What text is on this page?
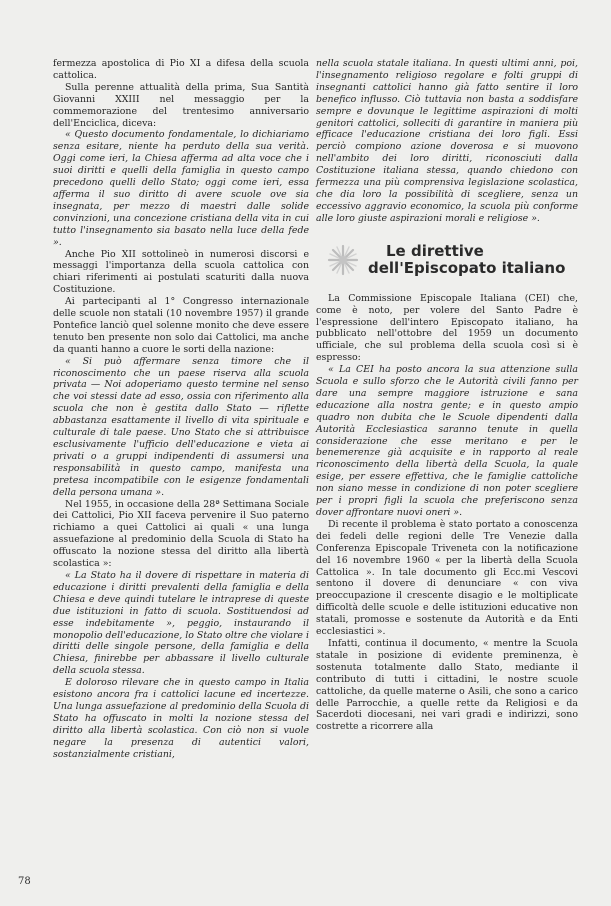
fermezza apostolica di Pio XI a difesa della scuola cattolica.

Sulla perenne attualità della prima, Sua Santità Giovanni XXIII nel messaggio per la commemorazione del trentesimo anniversario dell'Enciclica, diceva:

« Questo documento fondamentale, lo dichiariamo senza esitare, niente ha perduto della sua verità. Oggi come ieri, la Chiesa afferma ad alta voce che i suoi diritti e quelli della famiglia in questo campo precedono quelli dello Stato; oggi come ieri, essa afferma il suo diritto di avere scuole ove sia insegnata, per mezzo di maestri dalle solide convinzioni, una concezione cristiana della vita in cui tutto l'insegnamento sia basato nella luce della fede ».

Anche Pio XII sottolineò in numerosi discorsi e messaggi l'importanza della scuola cattolica con chiari riferimenti ai postulati scaturiti dalla nuova Costituzione.

Ai partecipanti al 1° Congresso internazionale delle scuole non statali (10 novembre 1957) il grande Pontefice lanciò quel solenne monito che deve essere tenuto ben presente non solo dai Cattolici, ma anche da quanti hanno a cuore le sorti della nazione:

« Si può affermare senza timore che il riconoscimento che un paese riserva alla scuola privata — Noi adoperiamo questo termine nel senso che voi stessi date ad esso, ossia con riferimento alla scuola che non è gestita dallo Stato — riflette abbastanza esattamente il livello di vita spirituale e culturale di tale paese. Uno Stato che si attribuisce esclusivamente l'ufficio dell'educazione e vieta ai privati o a gruppi indipendenti di assumersi una responsabilità in questo campo, manifesta una pretesa incompatibile con le esigenze fondamentali della persona umana ».

Nel 1955, in occasione della 28ª Settimana Sociale dei Cattolici, Pio XII faceva pervenire il Suo paterno richiamo a quei Cattolici ai quali « una lunga assuefazione al predominio della Scuola di Stato ha offuscato la nozione stessa del diritto alla libertà scolastica »:

« La Stato ha il dovere di rispettare in materia di educazione i diritti prevalenti della famiglia e della Chiesa e deve quindi tutelare le intraprese di queste due istituzioni in fatto di scuola. Sostituendosi ad esse indebitamente », peggio, instaurando il monopolio dell'educazione, lo Stato oltre che violare i diritti delle singole persone, della famiglia e della Chiesa, finirebbe per abbassare il livello culturale della scuola stessa.

E doloroso rilevare che in questo campo in Italia esistono ancora fra i cattolici lacune ed incertezze. Una lunga assuefazione al predominio della Scuola di Stato ha offuscato in molti la nozione stessa del diritto alla libertà scolastica. Con ciò non si vuole negare la presenza di autentici valori, sostanzialmente cristiani,

nella scuola statale italiana. In questi ultimi anni, poi, l'insegnamento religioso regolare e folti gruppi di insegnanti cattolici hanno già fatto sentire il loro benefico influsso. Ciò tuttavia non basta a soddisfare sempre e dovunque le legittime aspirazioni di molti genitori cattolici, solleciti di garantire in maniera più efficace l'educazione cristiana dei loro figli. Essi perciò compiono azione doverosa e si muovono nell'ambito dei loro diritti, riconosciuti dalla Costituzione italiana stessa, quando chiedono con fermezza una più comprensiva legislazione scolastica, che dia loro la possibilità di scegliere, senza un eccessivo aggravio economico, la scuola più conforme alle loro giuste aspirazioni morali e religiose ».

Le direttive
dell'Episcopato italiano

La Commissione Episcopale Italiana (CEI) che, come è noto, per volere del Santo Padre è l'espressione dell'intero Episcopato italiano, ha pubblicato nell'ottobre del 1959 un documento ufficiale, che sul problema della scuola così si è espresso:

« La CEI ha posto ancora la sua attenzione sulla Scuola e sullo sforzo che le Autorità civili fanno per dare una sempre maggiore istruzione e sana educazione alla nostra gente; e in questo ampio quadro non dubita che le Scuole dipendenti dalla Autorità Ecclesiastica saranno tenute in quella considerazione che esse meritano e per le benemerenze già acquisite e in rapporto al reale riconoscimento della libertà della Scuola, la quale esige, per essere effettiva, che le famiglie cattoliche non siano messe in condizione di non poter scegliere per i propri figli la scuola che preferiscono senza dover affrontare nuovi oneri ».

Di recente il problema è stato portato a conoscenza dei fedeli delle regioni delle Tre Venezie dalla Conferenza Episcopale Triveneta con la notificazione del 16 novembre 1960 « per la libertà della Scuola Cattolica ». In tale documento gli Ecc.mi Vescovi sentono il dovere di denunciare « con viva preoccupazione il crescente disagio e le moltiplicate difficoltà delle scuole e delle istituzioni educative non statali, promosse e sostenute da Autorità e da Enti ecclesiastici ».

Infatti, continua il documento, « mentre la Scuola statale in posizione di evidente preminenza, è sostenuta totalmente dallo Stato, mediante il contributo di tutti i cittadini, le nostre scuole cattoliche, da quelle materne o Asili, che sono a carico delle Parrocchie, a quelle rette da Religiosi e da Sacerdoti diocesani, nei vari gradi e indirizzi, sono costrette a ricorrere alla

78
